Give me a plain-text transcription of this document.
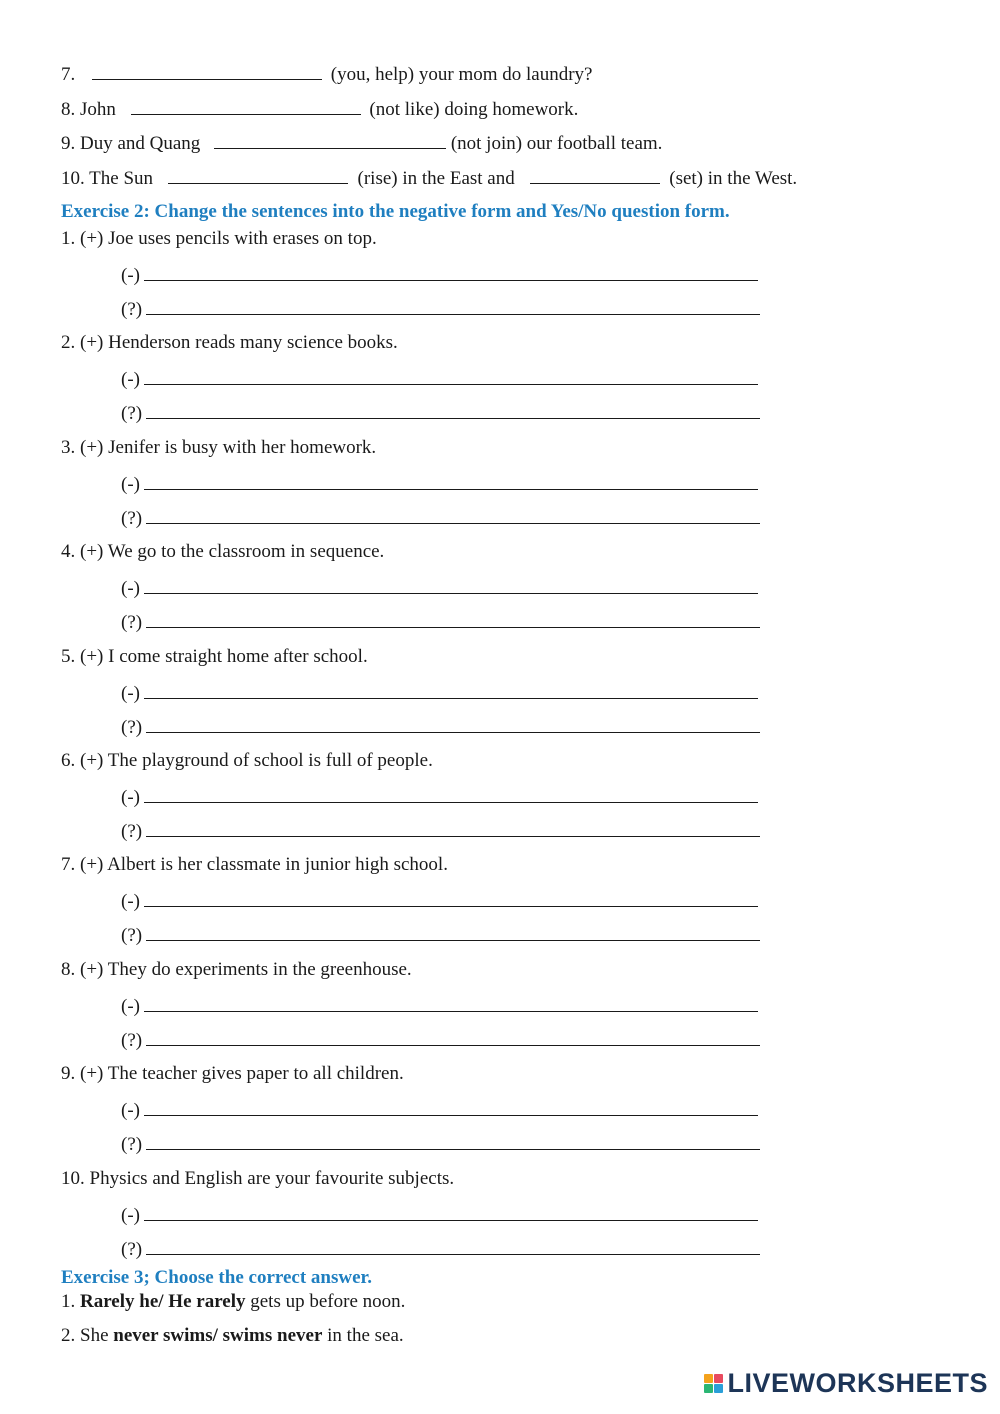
7.	(you, help) your mom do laundry?
8. John	(not like) doing homework.
9. Duy and Quang	(not join) our football team.
10. The Sun	(rise) in the East and	(set) in the West.
Exercise 2: Change the sentences into the negative form and Yes/No question form.
1. (+) Joe uses pencils with erases on top.
(-)
(?)
2. (+) Henderson reads many science books.
(-)
(?)
3. (+) Jenifer is busy with her homework.
(-)
(?)
4. (+) We go to the classroom in sequence.
(-)
(?)
5. (+) I come straight home after school.
(-)
(?)
6. (+) The playground of school is full of people.
(-)
(?)
7. (+) Albert is her classmate in junior high school.
(-)
(?)
8. (+) They do experiments in the greenhouse.
(-)
(?)
9. (+) The teacher gives paper to all children.
(-)
(?)
10. Physics and English are your favourite subjects.
(-)
(?)
Exercise 3; Choose the correct answer.
1. Rarely he/ He rarely gets up before noon.
2. She never swims/ swims never in the sea.
LIVEWORKSHEETS
